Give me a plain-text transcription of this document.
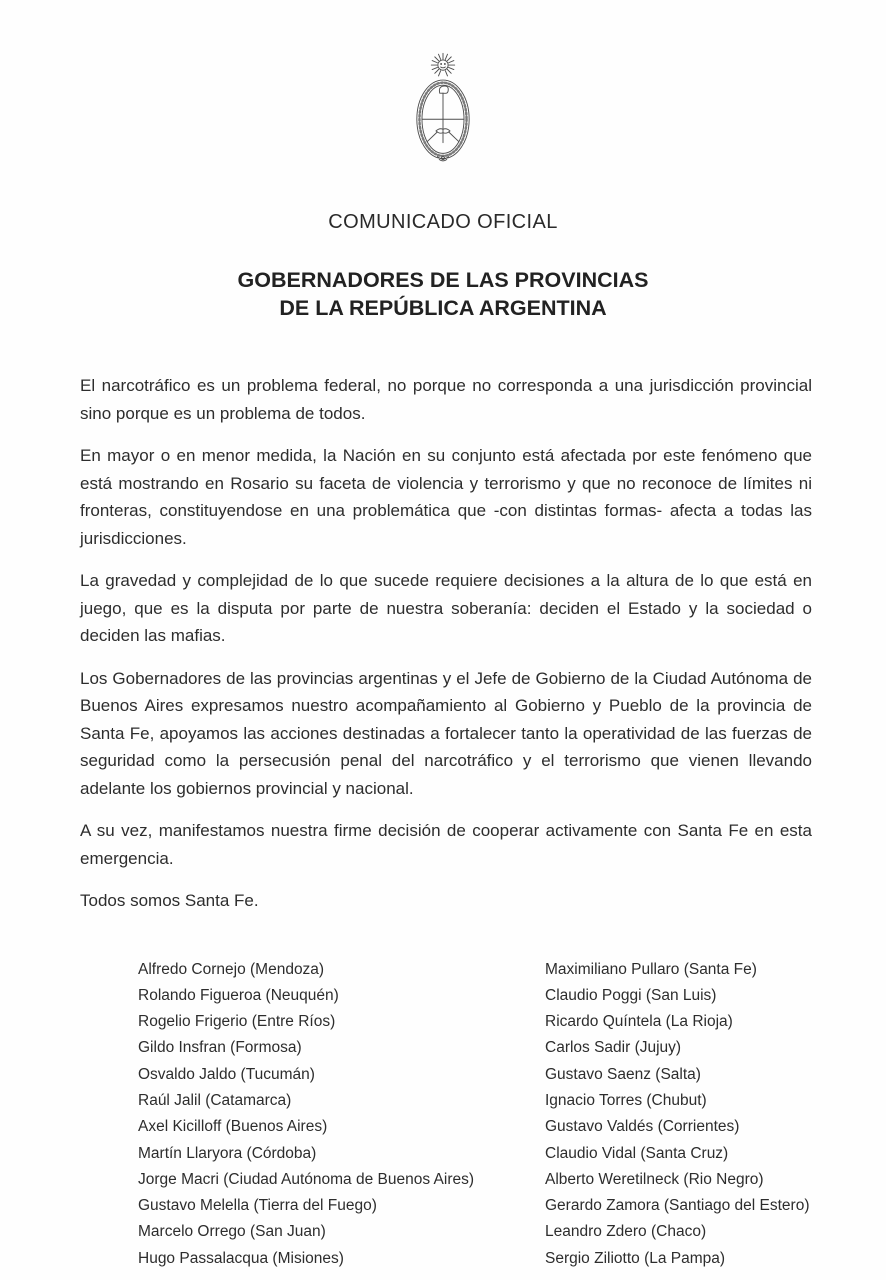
COMUNICADO OFICIAL
GOBERNADORES DE LAS PROVINCIAS
DE LA REPÚBLICA ARGENTINA

El narcotráfico es un problema federal, no porque no corresponda a una jurisdicción provincial sino porque es un problema de todos.

En mayor o en menor medida, la Nación en su conjunto está afectada por este fenómeno que está mostrando en Rosario su faceta de violencia y terrorismo y que no reconoce de límites ni fronteras, constituyendose en una problemática que -con distintas formas- afecta a todas las jurisdicciones.

La gravedad y complejidad de lo que sucede requiere decisiones a la altura de lo que está en juego, que es la disputa por parte de nuestra soberanía: deciden el Estado y la sociedad o deciden las mafias.

Los Gobernadores de las provincias argentinas y el Jefe de Gobierno de la Ciudad Autónoma de Buenos Aires expresamos nuestro acompañamiento al Gobierno y Pueblo de la provincia de Santa Fe, apoyamos las acciones destinadas a fortalecer tanto la operatividad de las fuerzas de seguridad como la persecusión penal del narcotráfico y el terrorismo que vienen llevando adelante los gobiernos provincial y nacional.

A su vez, manifestamos nuestra firme decisión de cooperar activamente con Santa Fe en esta emergencia.

Todos somos Santa Fe.

Alfredo Cornejo (Mendoza)
Rolando Figueroa (Neuquén)
Rogelio Frigerio (Entre Ríos)
Gildo Insfran (Formosa)
Osvaldo Jaldo (Tucumán)
Raúl Jalil (Catamarca)
Axel Kicilloff (Buenos Aires)
Martín Llaryora (Córdoba)
Jorge Macri (Ciudad Autónoma de Buenos Aires)
Gustavo Melella (Tierra del Fuego)
Marcelo Orrego (San Juan)
Hugo Passalacqua (Misiones)
Maximiliano Pullaro (Santa Fe)
Claudio Poggi (San Luis)
Ricardo Quíntela (La Rioja)
Carlos Sadir (Jujuy)
Gustavo Saenz (Salta)
Ignacio Torres (Chubut)
Gustavo Valdés (Corrientes)
Claudio Vidal (Santa Cruz)
Alberto Weretilneck (Rio Negro)
Gerardo Zamora (Santiago del Estero)
Leandro Zdero (Chaco)
Sergio Ziliotto (La Pampa)
